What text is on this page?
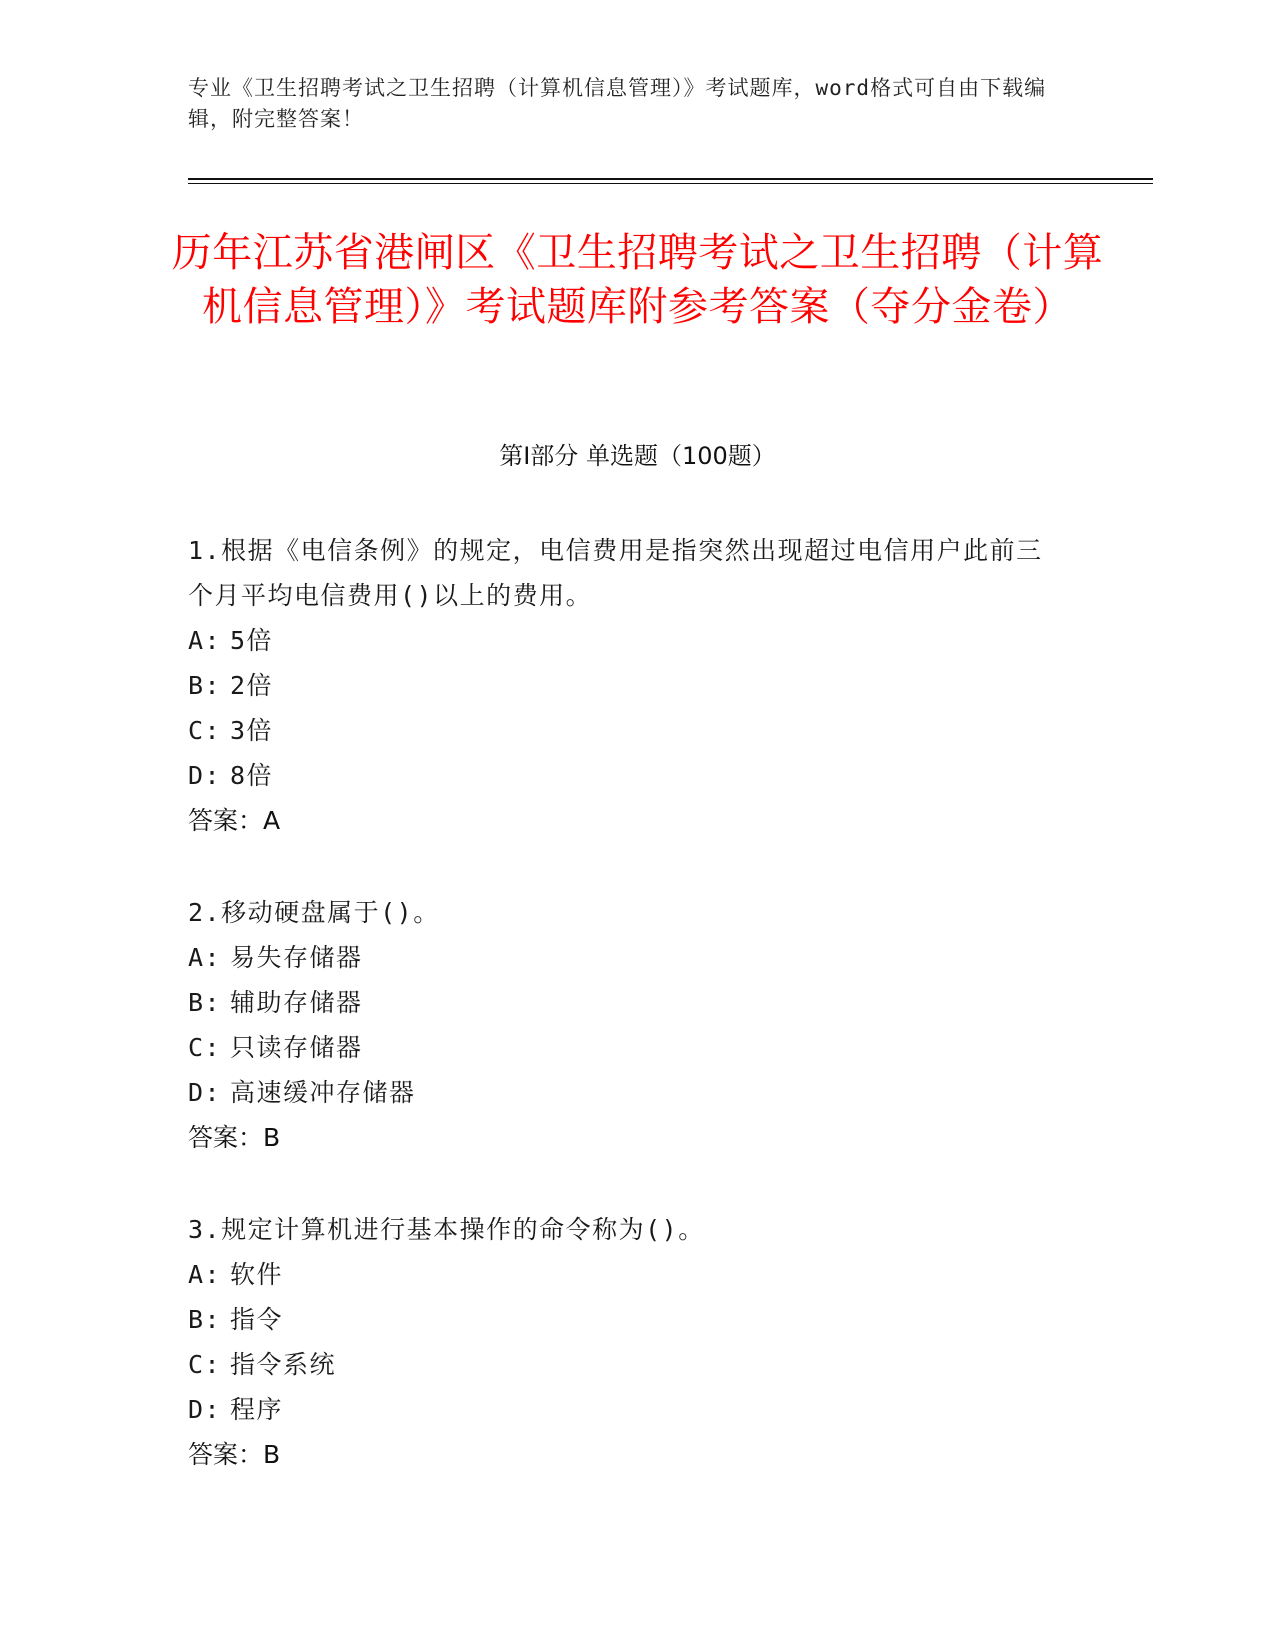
专业《卫生招聘考试之卫生招聘（计算机信息管理）》考试题库，word格式可自由下载编辑，附完整答案！
历年江苏省港闸区《卫生招聘考试之卫生招聘（计算机信息管理）》考试题库附参考答案（夺分金卷）
第I部分 单选题（100题）

1.根据《电信条例》的规定，电信费用是指突然出现超过电信用户此前三个月平均电信费用()以上的费用。

A: 5倍

B: 2倍

C: 3倍

D: 8倍

答案：A

2.移动硬盘属于()。

A: 易失存储器

B: 辅助存储器

C: 只读存储器

D: 高速缓冲存储器

答案：B

3.规定计算机进行基本操作的命令称为()。

A: 软件

B: 指令

C: 指令系统

D: 程序

答案：B
